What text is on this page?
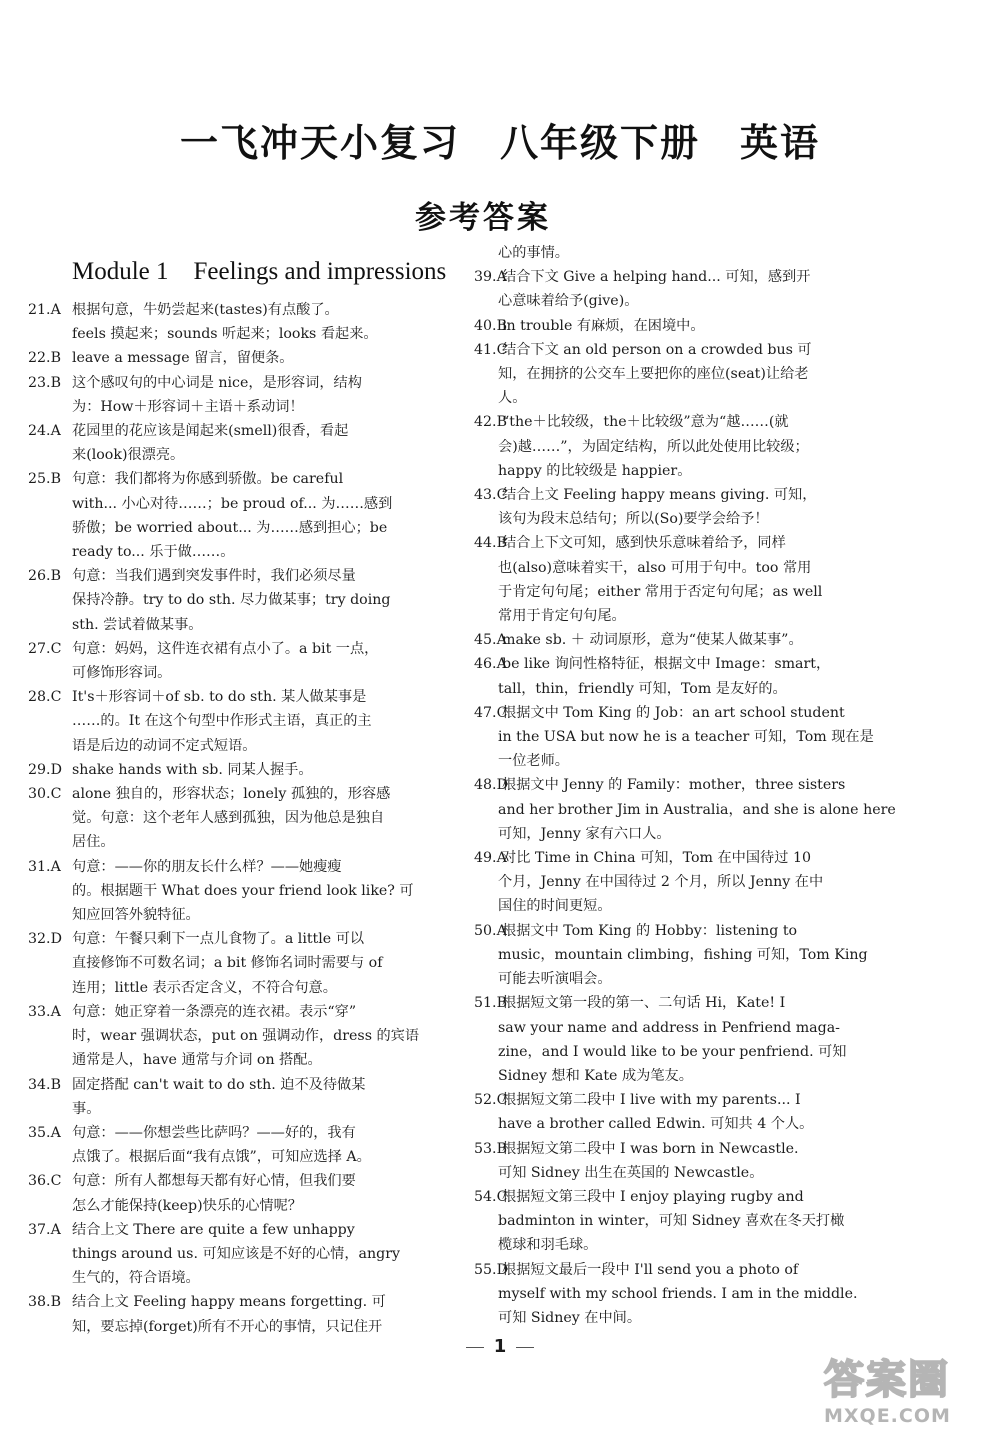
一飞冲天小复习　八年级下册　英语
参考答案
Module 1　Feelings and impressions
21.A 根据句意，牛奶尝起来(tastes)有点酸了。
feels 摸起来；sounds 听起来；looks 看起来。
22.B leave a message 留言，留便条。
23.B 这个感叹句的中心词是 nice，是形容词，结构
为：How＋形容词＋主语＋系动词！
24.A 花园里的花应该是闻起来(smell)很香，看起
来(look)很漂亮。
25.B 句意：我们都将为你感到骄傲。be careful
with... 小心对待……；be proud of... 为……感到
骄傲；be worried about... 为……感到担心；be
ready to... 乐于做……。
26.B 句意：当我们遇到突发事件时，我们必须尽量
保持冷静。try to do sth. 尽力做某事；try doing
sth. 尝试着做某事。
27.C 句意：妈妈，这件连衣裙有点小了。a bit 一点，
可修饰形容词。
28.C It's＋形容词＋of sb. to do sth. 某人做某事是
……的。It 在这个句型中作形式主语，真正的主
语是后边的动词不定式短语。
29.D shake hands with sb. 同某人握手。
30.C alone 独自的，形容状态；lonely 孤独的，形容感
觉。句意：这个老年人感到孤独，因为他总是独自
居住。
31.A 句意：——你的朋友长什么样？——她瘦瘦
的。根据题干 What does your friend look like? 可
知应回答外貌特征。
32.D 句意：午餐只剩下一点儿食物了。a little 可以
直接修饰不可数名词；a bit 修饰名词时需要与 of
连用；little 表示否定含义，不符合句意。
33.A 句意：她正穿着一条漂亮的连衣裙。表示“穿”
时，wear 强调状态，put on 强调动作，dress 的宾语
通常是人，have 通常与介词 on 搭配。
34.B 固定搭配 can't wait to do sth. 迫不及待做某
事。
35.A 句意：——你想尝些比萨吗？——好的，我有
点饿了。根据后面“我有点饿”，可知应选择 A。
36.C 句意：所有人都想每天都有好心情，但我们要
怎么才能保持(keep)快乐的心情呢？
37.A 结合上文 There are quite a few unhappy
things around us. 可知应该是不好的心情，angry
生气的，符合语境。
38.B 结合上文 Feeling happy means forgetting. 可
知，要忘掉(forget)所有不开心的事情，只记住开
心的事情。
39.A结合下文 Give a helping hand... 可知，感到开
心意味着给予(give)。
40.Bin trouble 有麻烦，在困境中。
41.C结合下文 an old person on a crowded bus 可
知，在拥挤的公交车上要把你的座位(seat)让给老
人。
42.B“the＋比较级，the＋比较级”意为“越……(就
会)越……”，为固定结构，所以此处使用比较级；
happy 的比较级是 happier。
43.C结合上文 Feeling happy means giving. 可知，
该句为段末总结句；所以(So)要学会给予！
44.B结合上下文可知，感到快乐意味着给予，同样
也(also)意味着实干，also 可用于句中。too 常用
于肯定句句尾；either 常用于否定句句尾；as well
常用于肯定句句尾。
45.Amake sb. ＋ 动词原形，意为“使某人做某事”。
46.Abe like 询问性格特征，根据文中 Image：smart，
tall，thin，friendly 可知，Tom 是友好的。
47.C根据文中 Tom King 的 Job：an art school student
in the USA but now he is a teacher 可知，Tom 现在是
一位老师。
48.D根据文中 Jenny 的 Family：mother，three sisters
and her brother Jim in Australia，and she is alone here
可知，Jenny 家有六口人。
49.A对比 Time in China 可知，Tom 在中国待过 10
个月，Jenny 在中国待过 2 个月，所以 Jenny 在中
国住的时间更短。
50.A根据文中 Tom King 的 Hobby：listening to
music，mountain climbing，fishing 可知，Tom King
可能去听演唱会。
51.B根据短文第一段的第一、二句话 Hi，Kate! I
saw your name and address in Penfriend maga-
zine，and I would like to be your penfriend. 可知
Sidney 想和 Kate 成为笔友。
52.C根据短文第二段中 I live with my parents... I
have a brother called Edwin. 可知共 4 个人。
53.B根据短文第二段中 I was born in Newcastle.
可知 Sidney 出生在英国的 Newcastle。
54.C根据短文第三段中 I enjoy playing rugby and
badminton in winter，可知 Sidney 喜欢在冬天打橄
榄球和羽毛球。
55.D根据短文最后一段中 I'll send you a photo of
myself with my school friends. I am in the middle.
可知 Sidney 在中间。
1
答案圈
MXQE.COM
